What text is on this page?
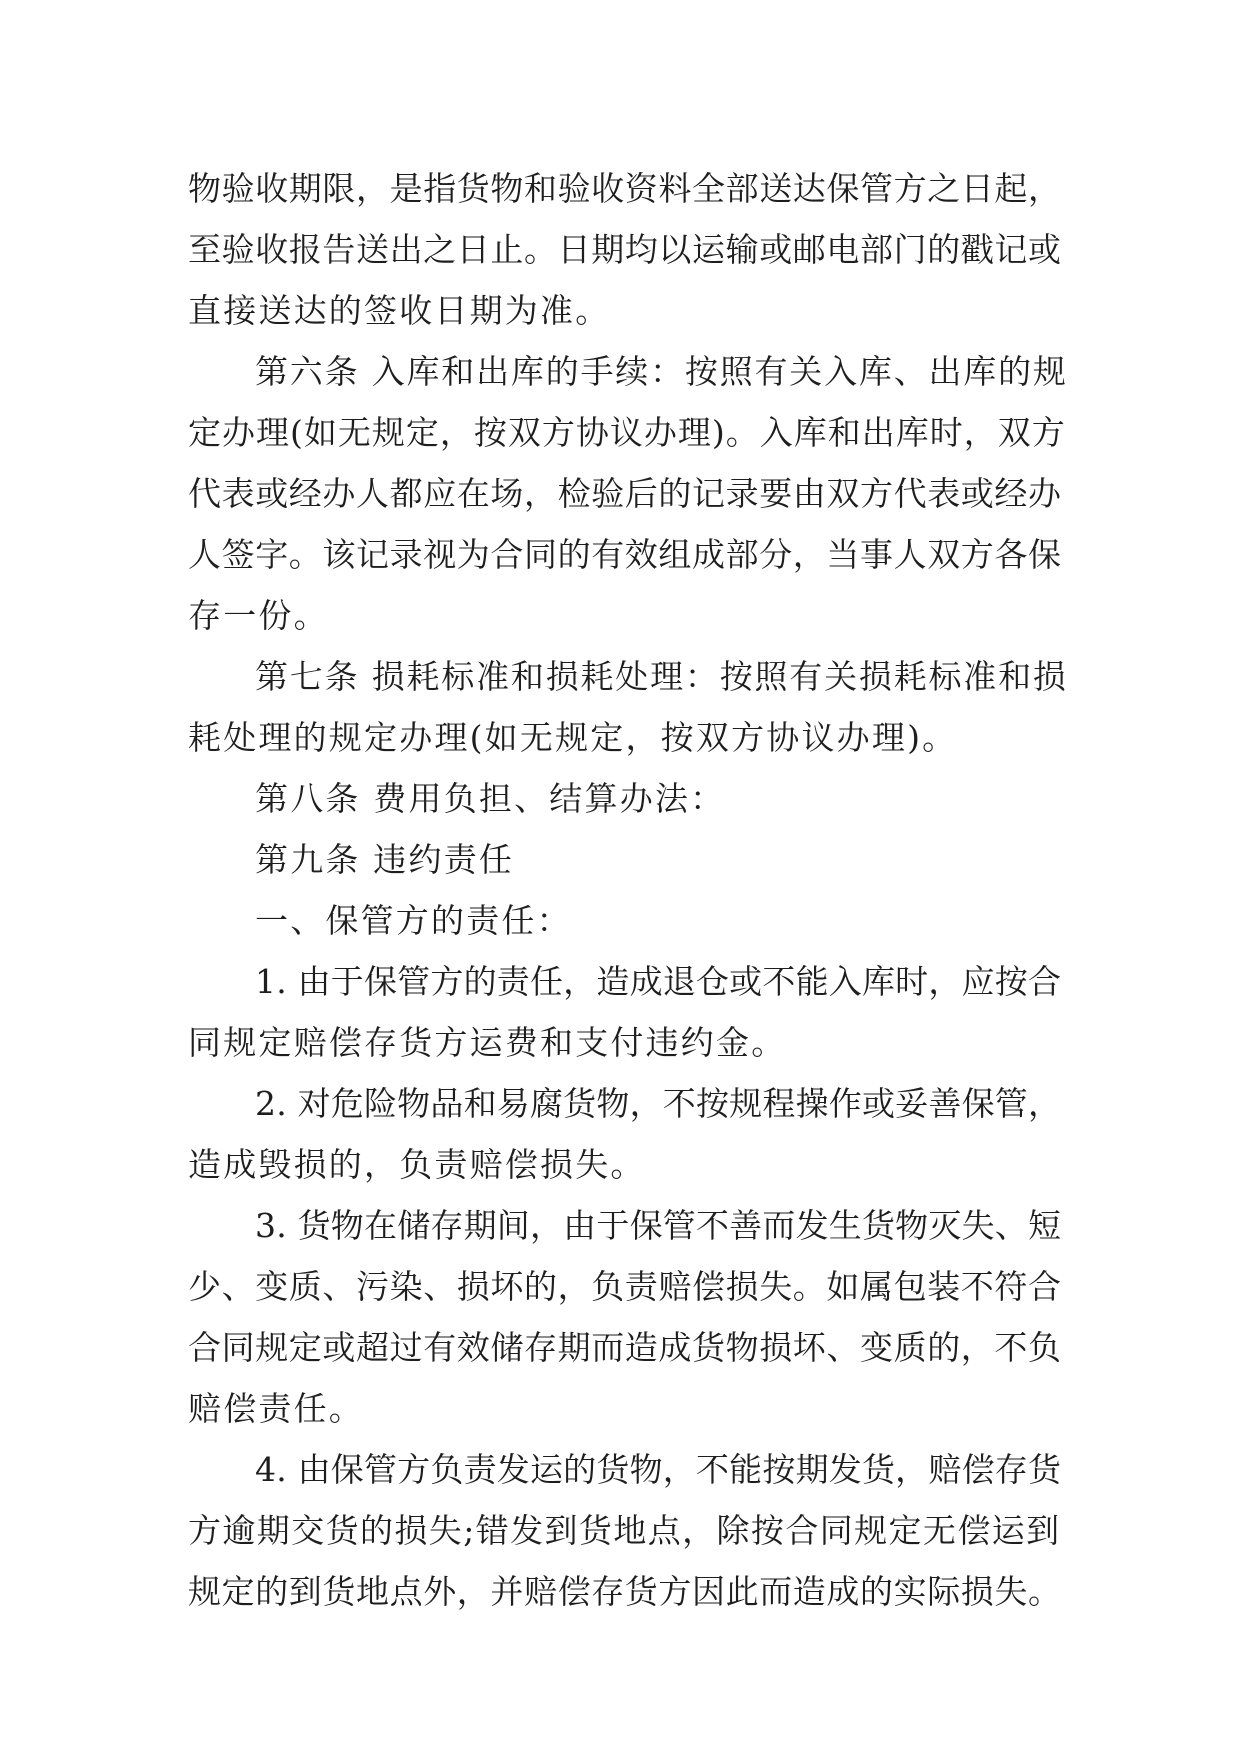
物验收期限，是指货物和验收资料全部送达保管方之日起，
至验收报告送出之日止。日期均以运输或邮电部门的戳记或
直接送达的签收日期为准。

第六条 入库和出库的手续：按照有关入库、出库的规
定办理(如无规定，按双方协议办理)。入库和出库时，双方
代表或经办人都应在场，检验后的记录要由双方代表或经办
人签字。该记录视为合同的有效组成部分，当事人双方各保
存一份。

第七条 损耗标准和损耗处理：按照有关损耗标准和损
耗处理的规定办理(如无规定，按双方协议办理)。

第八条 费用负担、结算办法：

第九条 违约责任

一、保管方的责任：

1. 由于保管方的责任，造成退仓或不能入库时，应按合
同规定赔偿存货方运费和支付违约金。

2. 对危险物品和易腐货物，不按规程操作或妥善保管，
造成毁损的，负责赔偿损失。

3. 货物在储存期间，由于保管不善而发生货物灭失、短
少、变质、污染、损坏的，负责赔偿损失。如属包装不符合
合同规定或超过有效储存期而造成货物损坏、变质的，不负
赔偿责任。

4. 由保管方负责发运的货物，不能按期发货，赔偿存货
方逾期交货的损失;错发到货地点，除按合同规定无偿运到
规定的到货地点外，并赔偿存货方因此而造成的实际损失。
